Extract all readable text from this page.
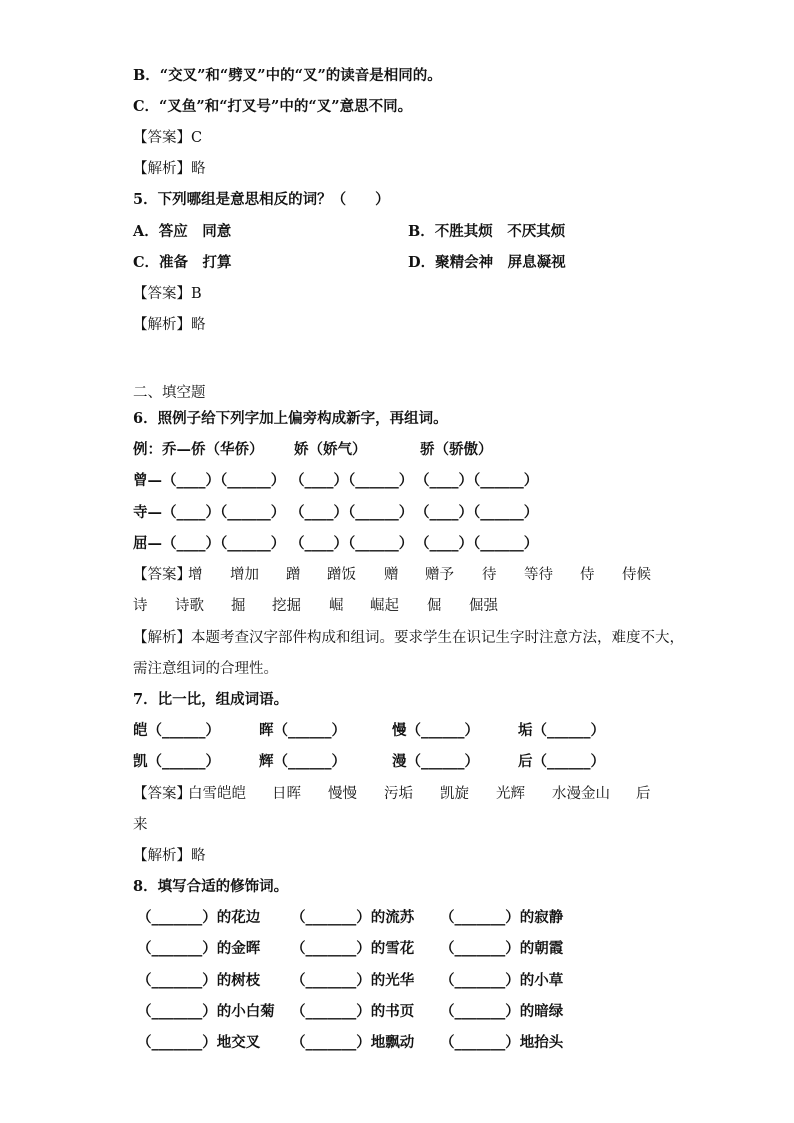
B．“交叉”和“劈叉”中的“叉”的读音是相同的。
C．“叉鱼”和“打叉号”中的“叉”意思不同。
【答案】C
【解析】略
5．下列哪组是意思相反的词？（　　）
A．答应　同意	B．不胜其烦　不厌其烦
C．准备　打算	D．聚精会神　屏息凝视
【答案】B
【解析】略
二、填空题
6．照例子给下列字加上偏旁构成新字，再组词。
例：乔—侨（华侨） 娇（娇气）	骄（骄傲）
曾—（____）（______） （____）（______） （____）（______）
寺—（____）（______） （____）（______） （____）（______）
屈—（____）（______） （____）（______） （____）（______）
【答案】
增 增加 蹭 蹭饭 赠 赠予 待 等待 侍 侍候
诗 诗歌 掘 挖掘 崛 崛起 倔 倔强
【解析】本题考查汉字部件构成和组词。要求学生在识记生字时注意方法，难度不大，
需注意组词的合理性。
7．比一比，组成词语。
皑（______）	晖（______）	慢（______）	垢（______）
凯（______）	辉（______）	漫（______）	后（______）
【答案】
白雪皑皑 日晖 慢慢 污垢 凯旋 光辉 水漫金山 后
来
【解析】略
8．填写合适的修饰词。
（_______）的花边 （_______）的流苏 （_______）的寂静
（_______）的金晖 （_______）的雪花 （_______）的朝霞
（_______）的树枝 （_______）的光华 （_______）的小草
（_______）的小白菊 （_______）的书页 （_______）的暗绿
（_______）地交叉 （_______）地飘动 （_______）地抬头
